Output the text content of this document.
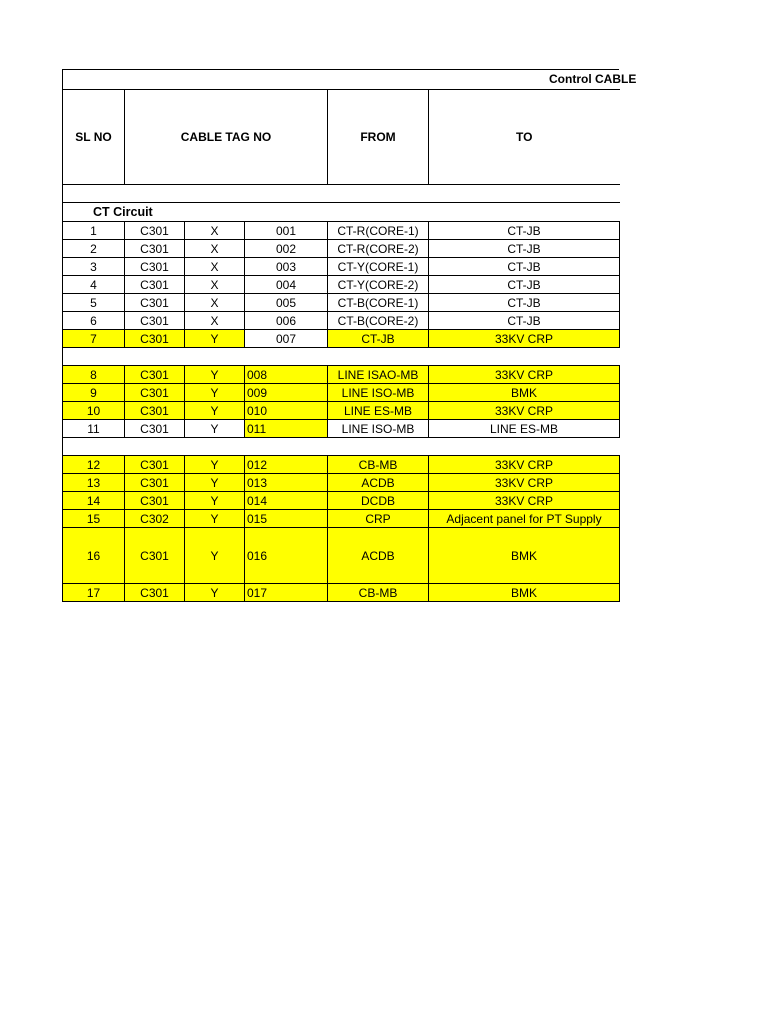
Control CABLE
SL NO	CABLE TAG NO			FROM	TO

CT Circuit					
1	C301	X	001	CT-R(CORE-1)	CT-JB
2	C301	X	002	CT-R(CORE-2)	CT-JB
3	C301	X	003	CT-Y(CORE-1)	CT-JB
4	C301	X	004	CT-Y(CORE-2)	CT-JB
5	C301	X	005	CT-B(CORE-1)	CT-JB
6	C301	X	006	CT-B(CORE-2)	CT-JB
7	C301	Y	007	CT-JB	33KV CRP

8	C301	Y	008	LINE ISAO-MB	33KV CRP
9	C301	Y	009	LINE ISO-MB	BMK
10	C301	Y	010	LINE ES-MB	33KV CRP
11	C301	Y	011	LINE ISO-MB	LINE ES-MB

12	C301	Y	012	CB-MB	33KV CRP
13	C301	Y	013	ACDB	33KV CRP
14	C301	Y	014	DCDB	33KV CRP
15	C302	Y	015	CRP	Adjacent panel for PT Supply
16	C301	Y	016	ACDB	BMK
17	C301	Y	017	CB-MB	BMK
